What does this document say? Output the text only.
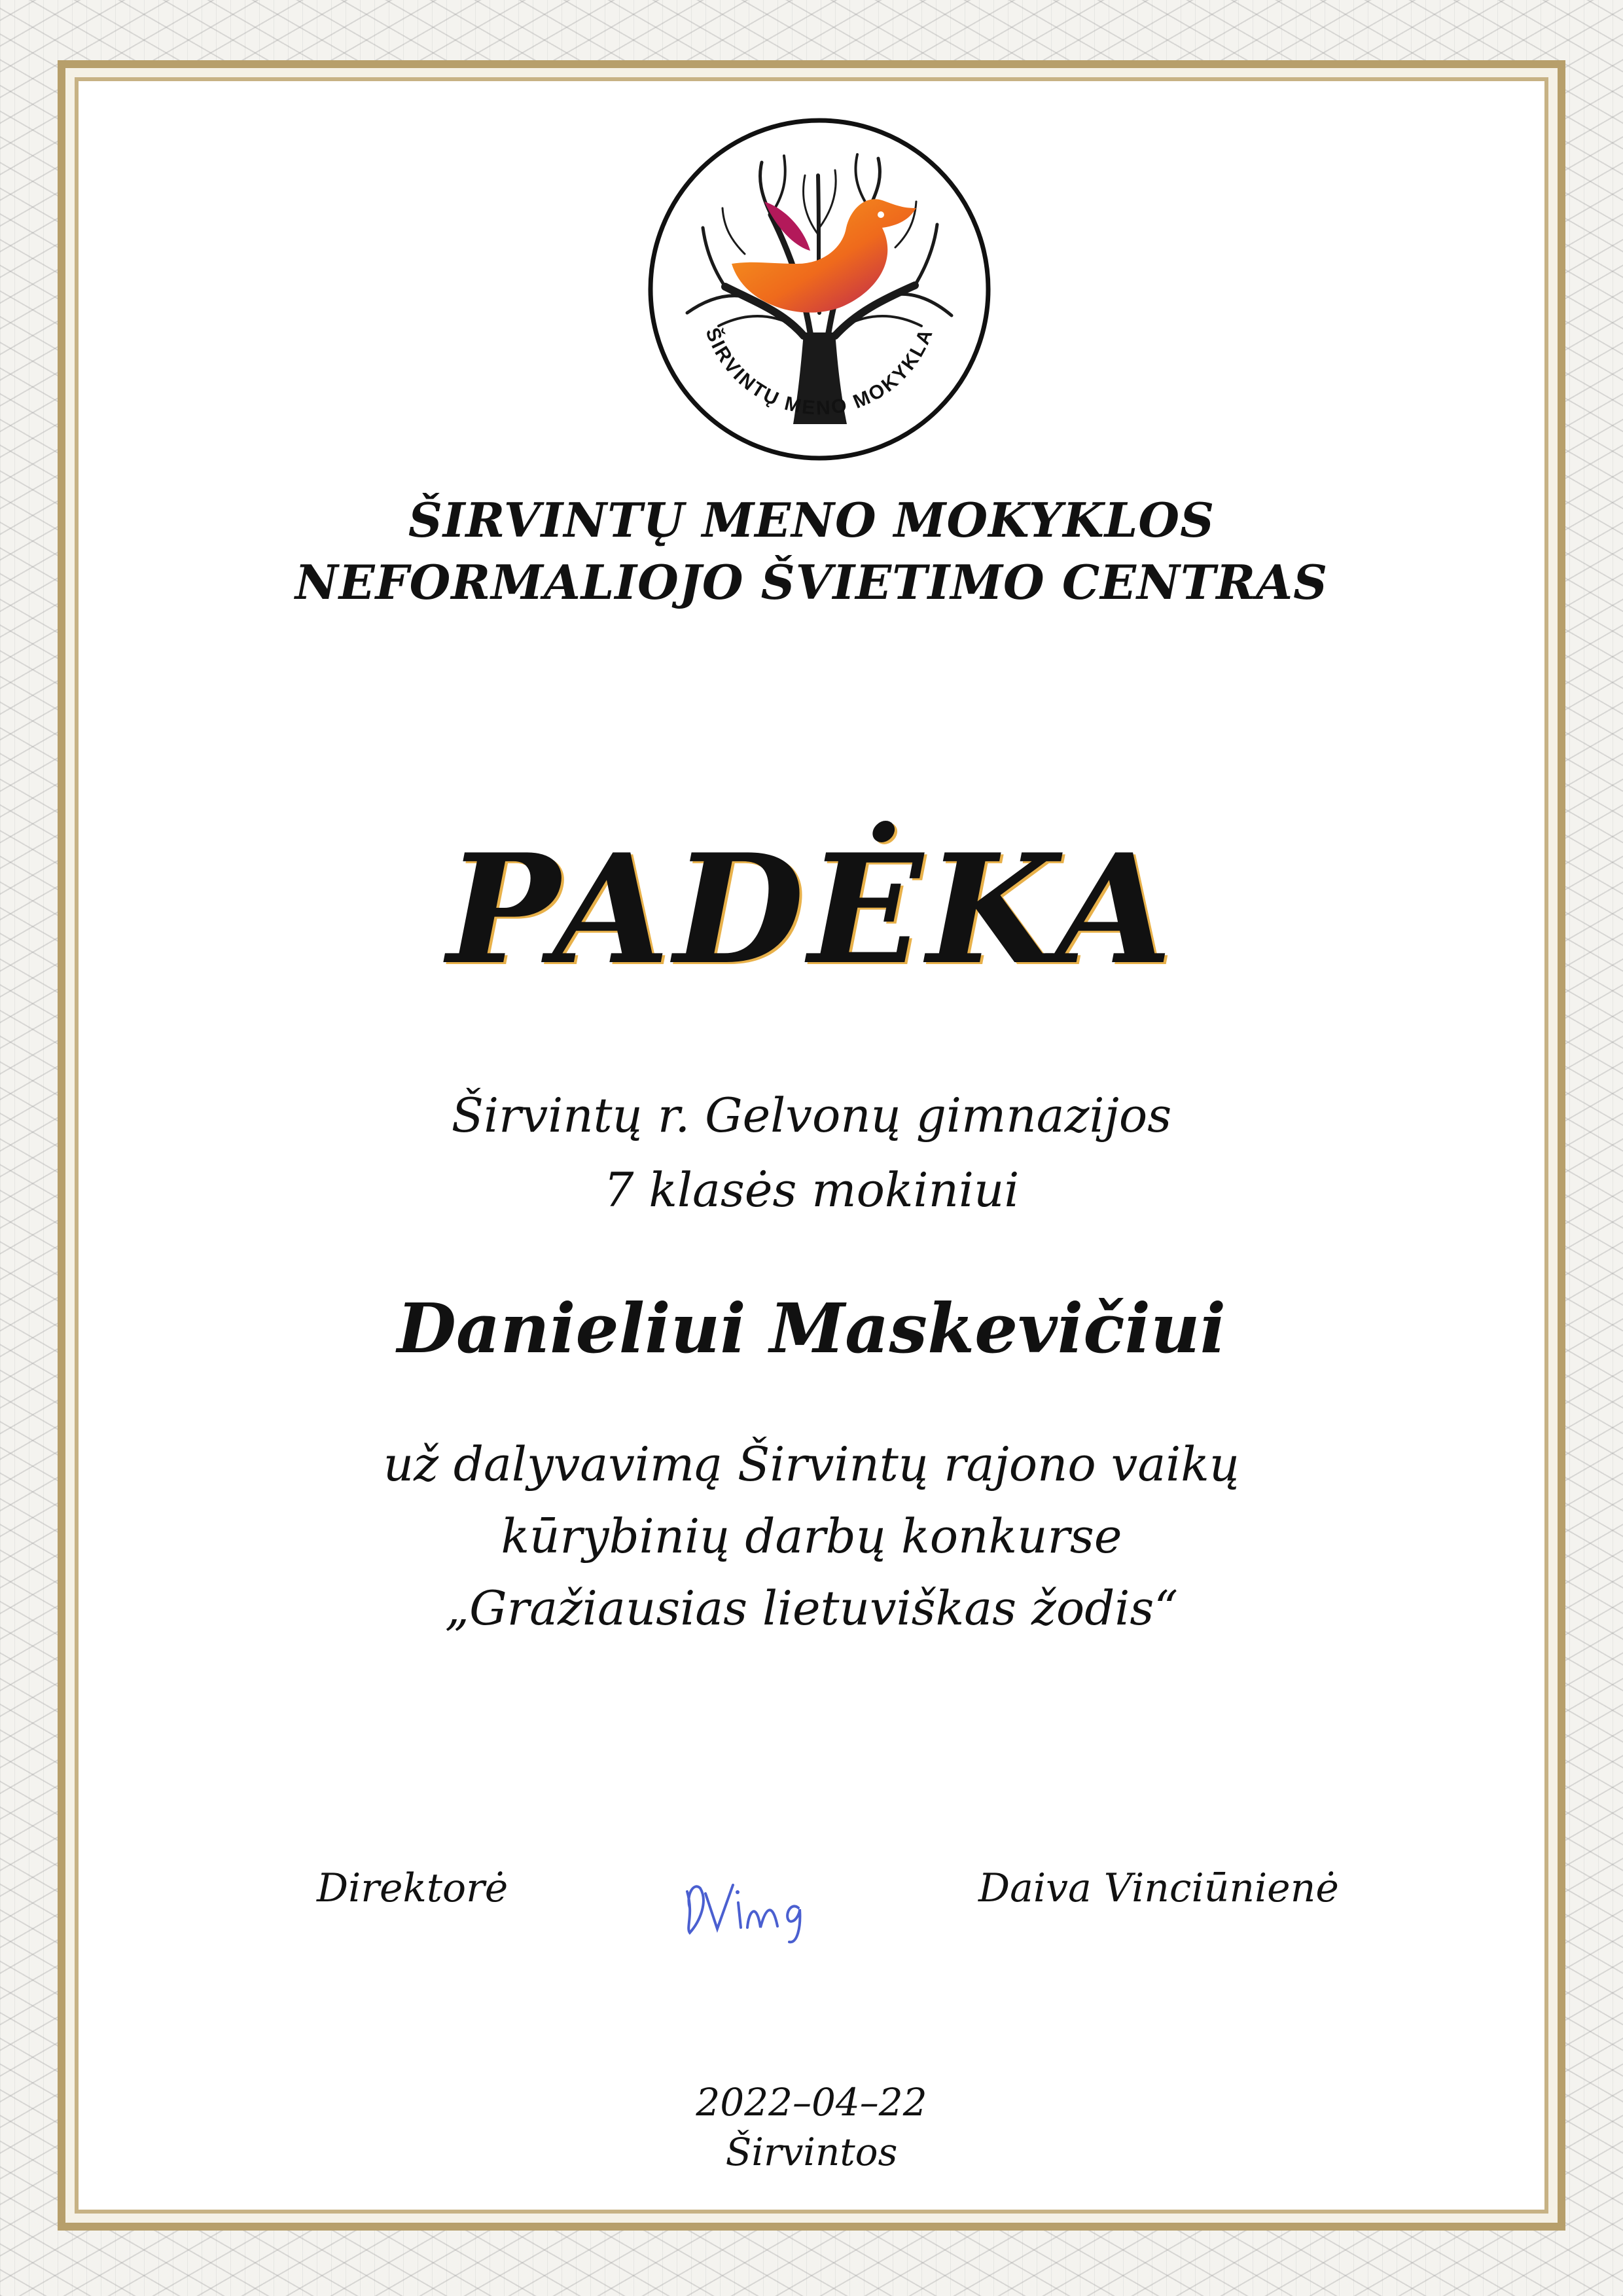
ŠIRVINTŲ MENO MOKYKLA
ŠIRVINTŲ MENO MOKYKLOS
NEFORMALIOJO ŠVIETIMO CENTRAS
PADĖKA
Širvintų r. Gelvonų gimnazijos
7 klasės mokiniui
Danieliui Maskevičiui
už dalyvavimą Širvintų rajono vaikų
kūrybinių darbų konkurse
„Gražiausias lietuviškas žodis“
Direktorė	Daiva Vinciūnienė
2022–04–22
Širvintos
